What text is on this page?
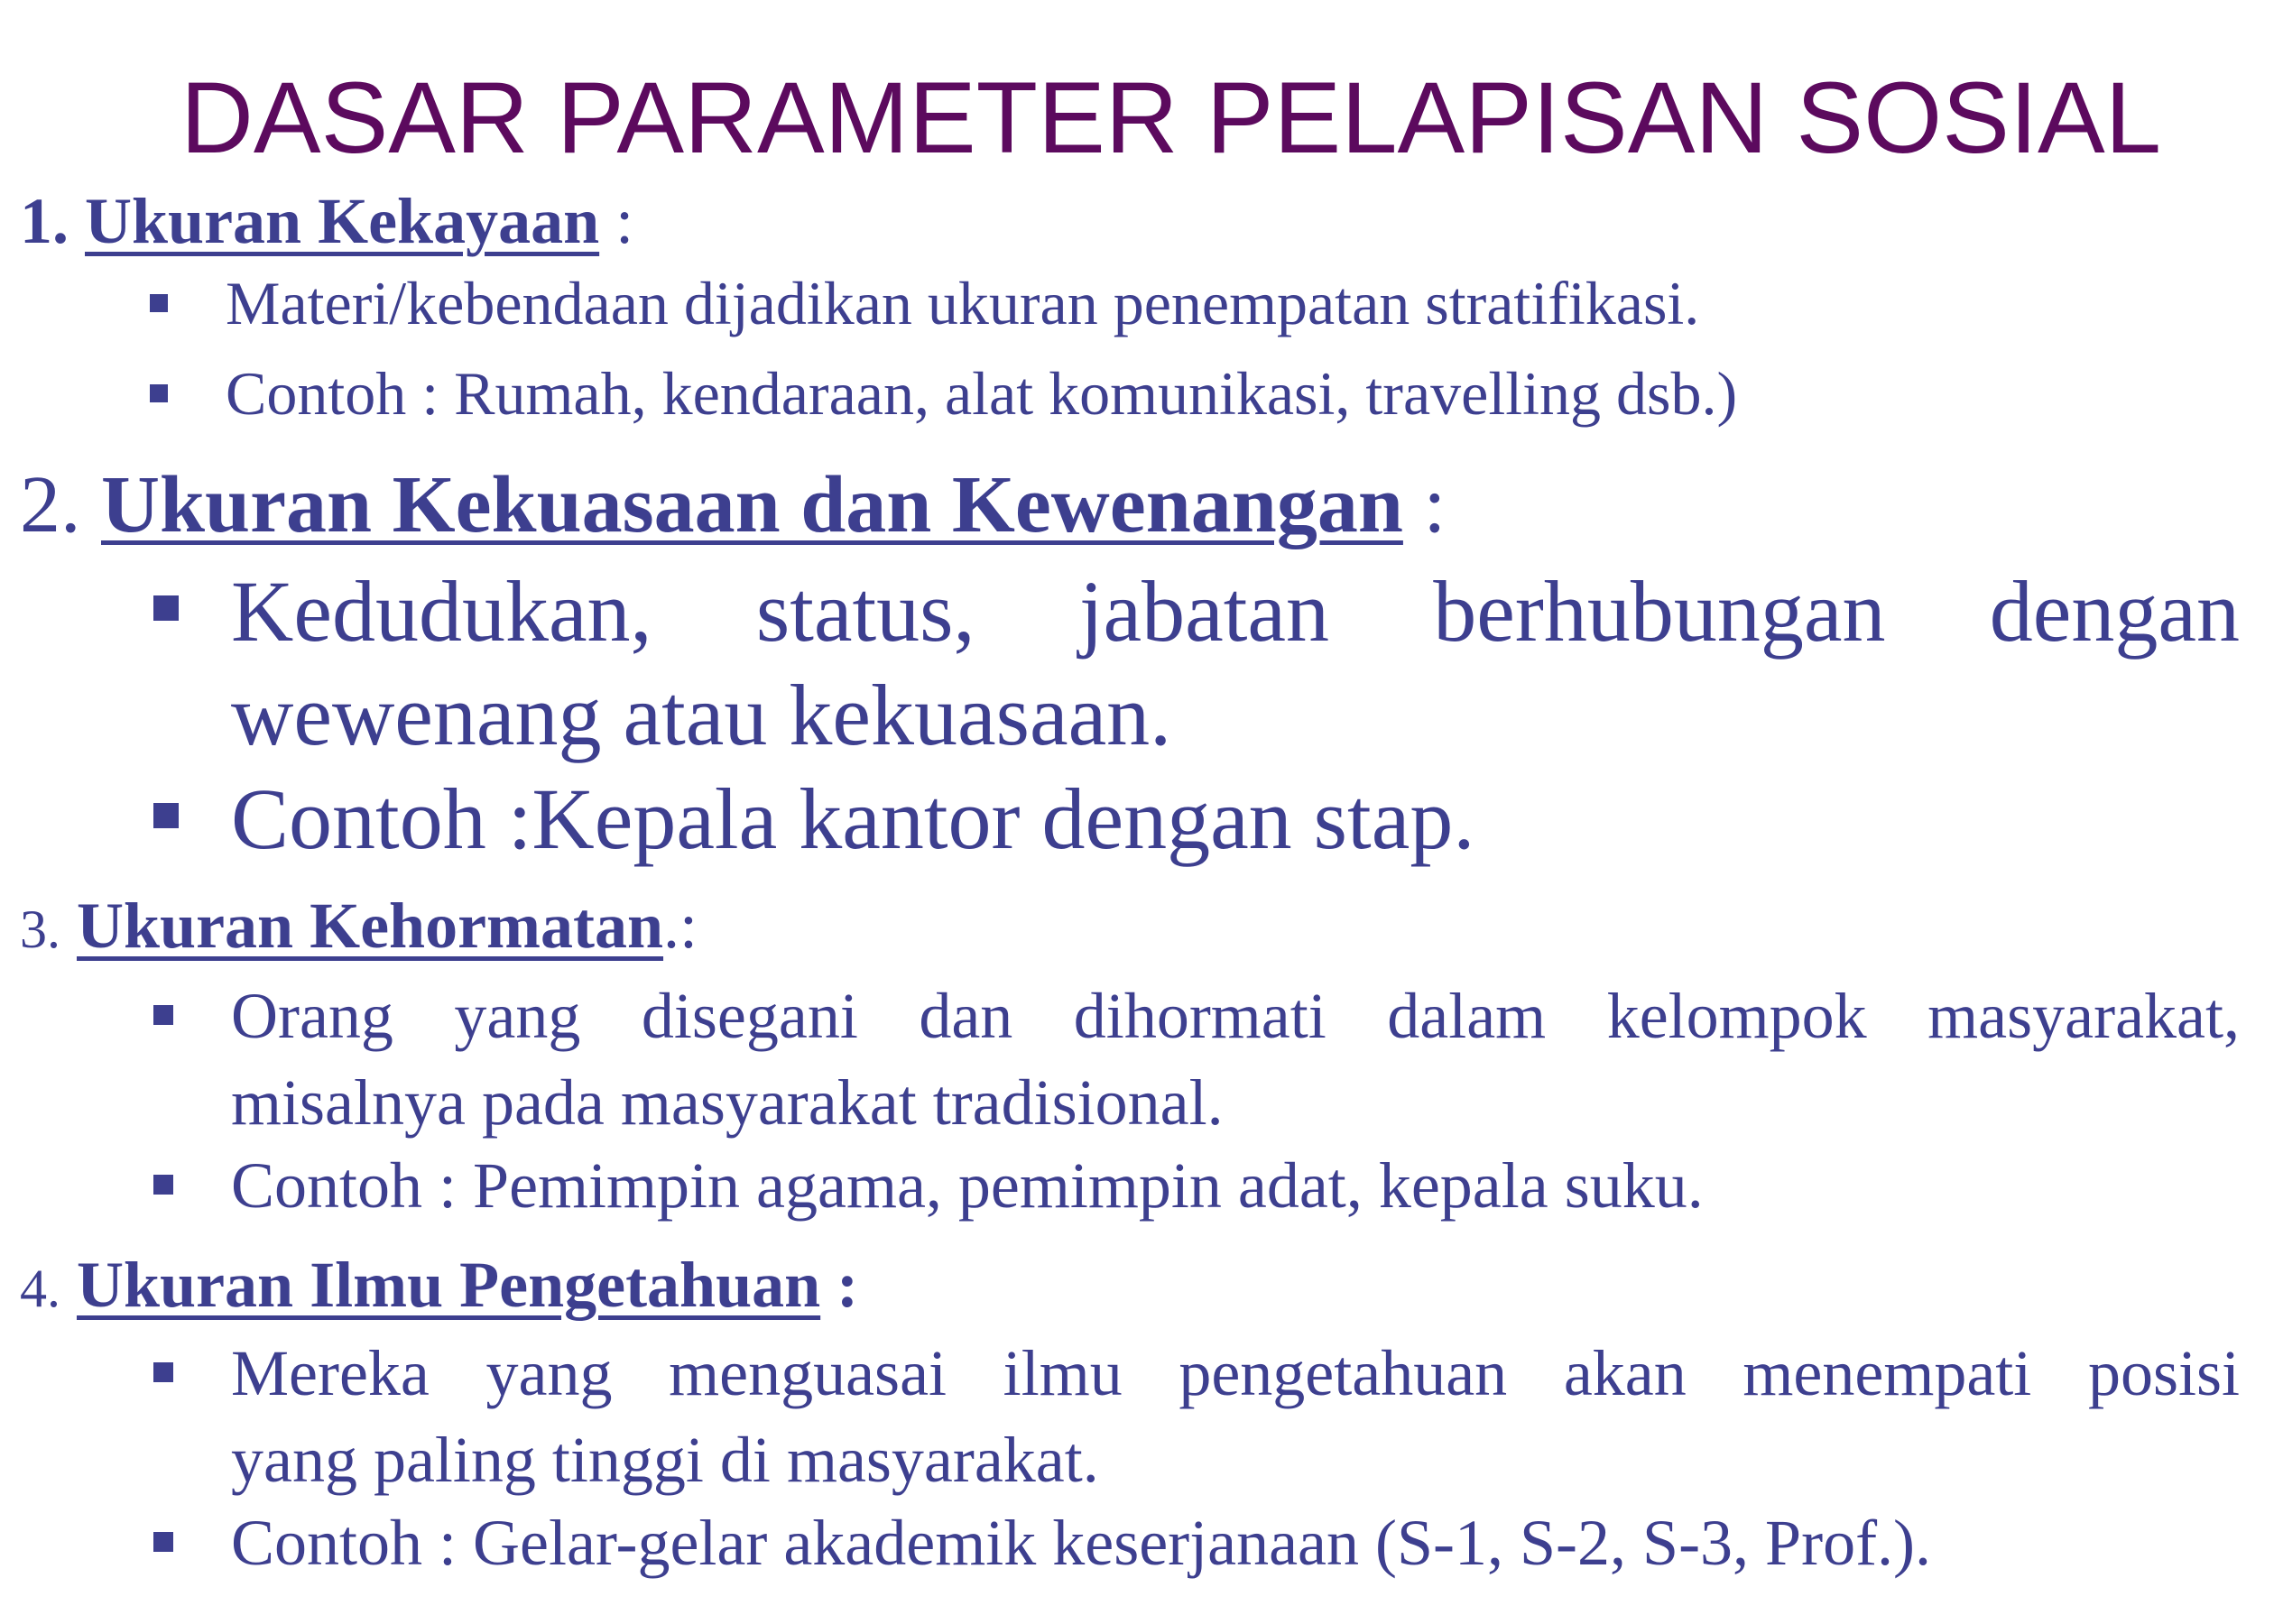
DASAR PARAMETER PELAPISAN SOSIAL
1. Ukuran Kekayaan :
Materi/kebendaan dijadikan ukuran penempatan stratifikasi.
Contoh : Rumah, kendaraan, alat komunikasi, travelling dsb.)
2. Ukuran Kekuasaan dan Kewenangan :
Kedudukan, status, jabatan berhubungan dengan
wewenang atau kekuasaan.
Contoh :Kepala kantor dengan stap.
3. Ukuran Kehormatan.:
Orang yang disegani dan dihormati dalam kelompok masyarakat,
misalnya pada masyarakat tradisional.
Contoh : Pemimpin agama, pemimpin adat, kepala suku.
4. Ukuran Ilmu Pengetahuan :
Mereka yang menguasai ilmu pengetahuan akan menempati posisi
yang paling tinggi di masyarakat.
Contoh : Gelar-gelar akademik keserjanaan (S-1, S-2, S-3, Prof.).
